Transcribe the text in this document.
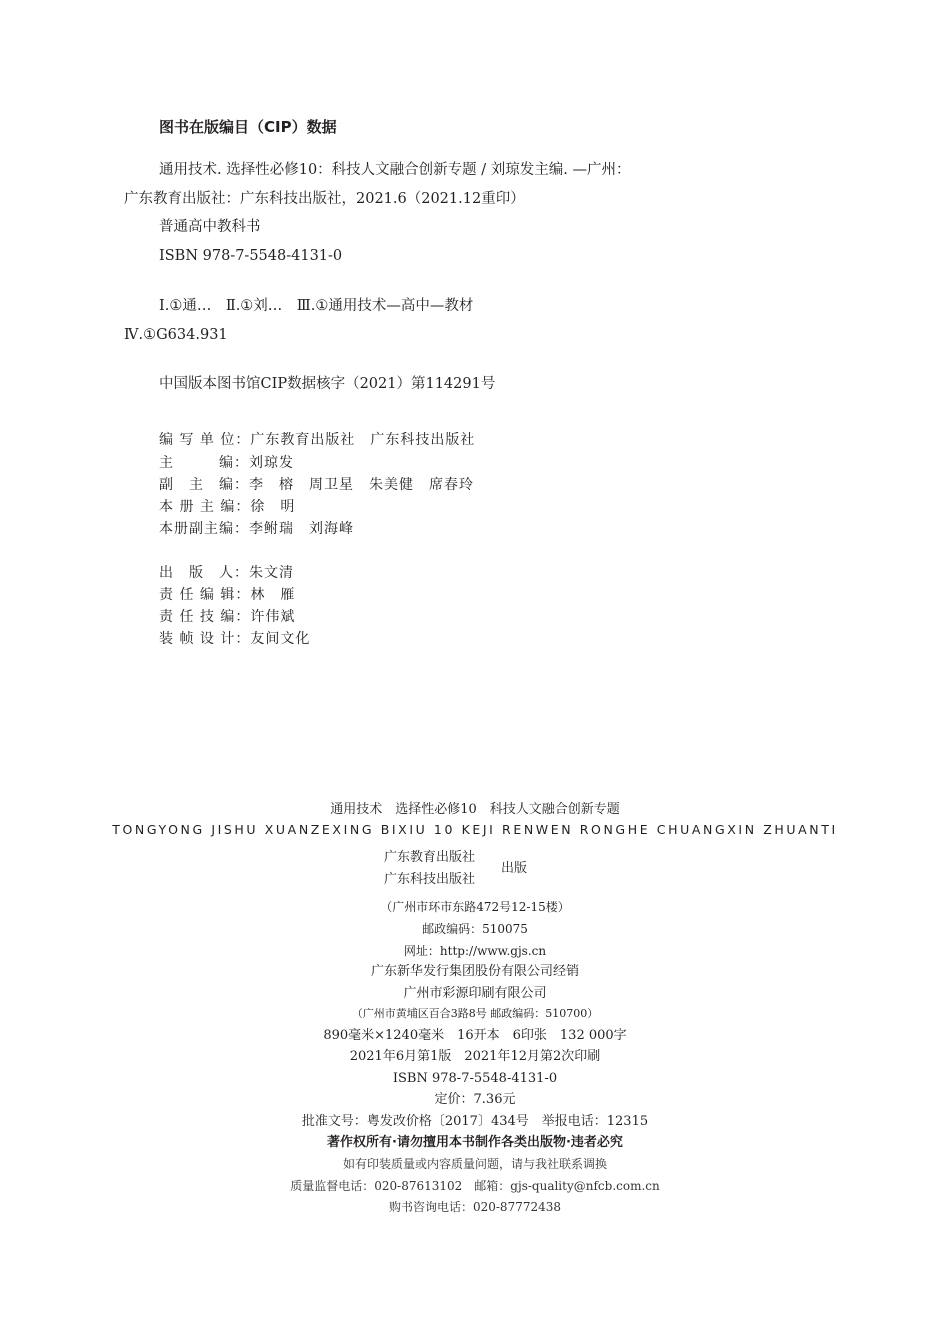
图书在版编目（CIP）数据
通用技术. 选择性必修10：科技人文融合创新专题 / 刘琼发主编. —广州：
广东教育出版社：广东科技出版社，2021.6（2021.12重印）
普通高中教科书
ISBN 978-7-5548-4131-0
Ⅰ.①通…　Ⅱ.①刘…　Ⅲ.①通用技术—高中—教材
Ⅳ.①G634.931
中国版本图书馆CIP数据核字（2021）第114291号
编 写 单 位：广东教育出版社　广东科技出版社
主　　　编：刘琼发
副　主　编：李　榕　周卫星　朱美健　席春玲
本 册 主 编：徐　明
本册副主编：李鲋瑞　刘海峰
出　版　人：朱文清
责 任 编 辑：林　雁
责 任 技 编：许伟斌
装 帧 设 计：友间文化
通用技术　选择性必修10　科技人文融合创新专题
TONGYONG JISHU XUANZEXING BIXIU 10 KEJI RENWEN RONGHE CHUANGXIN ZHUANTI
广东教育出版社
广东科技出版社
出版
（广州市环市东路472号12-15楼）
邮政编码：510075
网址：http://www.gjs.cn
广东新华发行集团股份有限公司经销
广州市彩源印刷有限公司
（广州市黄埔区百合3路8号 邮政编码：510700）
890毫米×1240毫米　16开本　6印张　132 000字
2021年6月第1版　2021年12月第2次印刷
ISBN 978-7-5548-4131-0
定价：7.36元
批准文号：粤发改价格〔2017〕434号　举报电话：12315
著作权所有·请勿擅用本书制作各类出版物·违者必究
如有印装质量或内容质量问题，请与我社联系调换
质量监督电话：020-87613102　邮箱：gjs-quality@nfcb.com.cn
购书咨询电话：020-87772438
